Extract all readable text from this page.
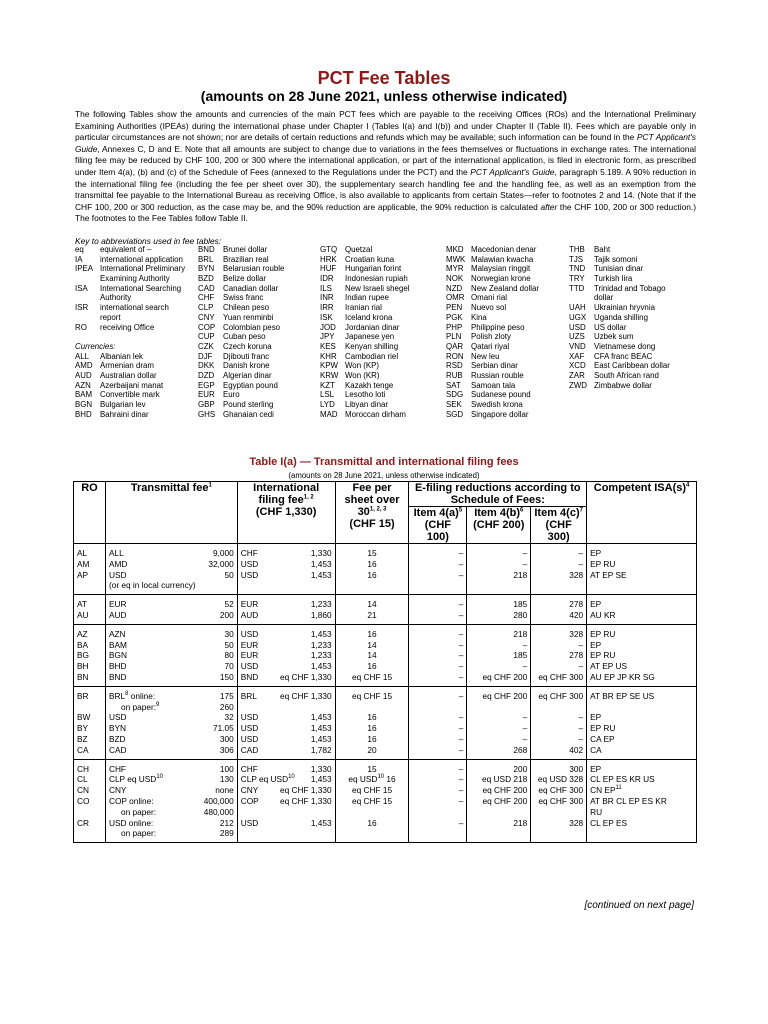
PCT Fee Tables
(amounts on 28 June 2021, unless otherwise indicated)
The following Tables show the amounts and currencies of the main PCT fees which are payable to the receiving Offices (ROs) and the International Preliminary Examining Authorities (IPEAs) during the international phase under Chapter I (Tables I(a) and I(b)) and under Chapter II (Table II). Fees which are payable only in particular circumstances are not shown; nor are details of certain reductions and refunds which may be available; such information can be found in the PCT Applicant's Guide, Annexes C, D and E. Note that all amounts are subject to change due to variations in the fees themselves or fluctuations in exchange rates. The international filing fee may be reduced by CHF 100, 200 or 300 where the international application, or part of the international application, is filed in electronic form, as prescribed under Item 4(a), (b) and (c) of the Schedule of Fees (annexed to the Regulations under the PCT) and the PCT Applicant's Guide, paragraph 5.189. A 90% reduction in the international filing fee (including the fee per sheet over 30), the supplementary search handling fee and the handling fee, as well as an exemption from the transmittal fee payable to the International Bureau as receiving Office, is also available to applicants from certain States—refer to footnotes 2 and 14. (Note that if the CHF 100, 200 or 300 reduction, as the case may be, and the 90% reduction are applicable, the 90% reduction is calculated after the CHF 100, 200 or 300 reduction.) The footnotes to the Fee Tables follow Table II.
Key to abbreviations used in fee tables:
eq equivalent of –
IA international application
IPEA International Preliminary
Examining Authority
ISA International Searching
Authority
ISR international search
report
RO receiving Office
Currencies:
ALL Albanian lek
AMD Armenian dram
AUD Australian dollar
AZN Azerbaijani manat
BAM Convertible mark
BGN Bulgarian lev
BHD Bahraini dinar
BND Brunei dollar
BRL Brazilian real
BYN Belarusian rouble
BZD Belize dollar
CAD Canadian dollar
CHF Swiss franc
CLP Chilean peso
CNY Yuan renminbi
COP Colombian peso
CUP Cuban peso
CZK Czech koruna
DJF Djibouti franc
DKK Danish krone
DZD Algerian dinar
EGP Egyptian pound
EUR Euro
GBP Pound sterling
GHS Ghanaian cedi
GTQ Quetzal
HRK Croatian kuna
HUF Hungarian forint
IDR Indonesian rupiah
ILS New Israeli shegel
INR Indian rupee
IRR Iranian rial
ISK Iceland krona
JOD Jordanian dinar
JPY Japanese yen
KES Kenyan shilling
KHR Cambodian riel
KPW Won (KP)
KRW Won (KR)
KZT Kazakh tenge
LSL Lesotho loti
LYD Libyan dinar
MAD Moroccan dirham
MKD Macedonian denar
MWK Malawian kwacha
MYR Malaysian ringgit
NOK Norwegian krone
NZD New Zealand dollar
OMR Omani rial
PEN Nuevo sol
PGK Kina
PHP Philippine peso
PLN Polish zloty
QAR Qatari riyal
RON New leu
RSD Serbian dinar
RUB Russian rouble
SAT Samoan tala
SDG Sudanese pound
SEK Swedish krona
SGD Singapore dollar
THB Baht
TJS Tajik somoni
TND Tunisian dinar
TRY Turkish lira
TTD Trinidad and Tobago
dollar
UAH Ukrainian hryvnia
UGX Uganda shilling
USD US dollar
UZS Uzbek sum
VND Vietnamese dong
XAF CFA franc BEAC
XCD East Caribbean dollar
ZAR South African rand
ZWD Zimbabwe dollar
Table I(a) — Transmittal and international filing fees
(amounts on 28 June 2021, unless otherwise indicated)
RO	Transmittal fee$^1$	International filing fee$^{1, 2}$
(CHF 1,330)	Fee per sheet over 30$^{1, 2, 3}$
(CHF 15)	E-filing reductions according to Schedule of Fees:			Competent $ISA(s)^4$
				Item $4(a)^5$
(CHF 100)	Item $4(b)^6$
(CHF 200)	Item $4(c)^7$
(CHF 300)	
AL	ALL 9,000	CHF 1,330	15	–	–	–	EP
AM	AMD 32,000	USD 1,453	16	–	–	–	EP RU
AP	USD 50	USD 1,453	16	–	218	328	AT EP SE

	(or eq in local currency)						

AT	EUR 52	EUR 1,233	14	–	185	278	EP
AU	AUD 200	AUD 1,860	21	–	280	420	AU KR
AZ	AZN 30	USD 1,453	16	–	218	328	EP RU
BA	BAM 50	EUR 1,233	14	–	–	–	EP
BG	BGN 80	EUR 1,233	14	–	185	278	EP RU
BH	BHD 70	USD 1,453	16	–	–	–	AT EP US
BN	BND 150	BND eq CHF 1,330	eq CHF 15	–	eq CHF 200	eq CHF 300	AU EP JP KR SG
BR	BRL$^8$ online: 175	BRL eq CHF 1,330	eq CHF 15	–	eq CHF 200	eq CHF 300	AT BR EP SE US

	on paper:$^9$ 260						

BW	USD 32	USD 1,453	16	–	–	–	EP
BY	BYN 71.05	USD 1,453	16	–	–	–	EP RU
BZ	BZD 300	USD 1,453	16	–	–	–	CA EP
CA	CAD 306	CAD 1,782	20	–	268	402	CA
CH	CHF 100	CHF 1,330	15	–	200	300	EP
CL	CLP eq USD$^{10}$ 130	CLP eq USD$^{10}$ 1,453	eq USD$^{10}$ 16	–	eq USD 218	eq USD 328	CL EP ES KR US
CN	CNY none	CNY eq CHF 1,330	eq CHF 15	–	eq CHF 200	eq CHF 300	CN EP$^{11}$
CO	COP online: 400,000	COP eq CHF 1,330	eq CHF 15	–	eq CHF 200	eq CHF 300	AT BR CL EP ES KR

	on paper: 480,000						RU
CR	USD online: 212	USD 1,453	16	–	218	328	CL EP ES

	on paper: 289						

[continued on next page]
